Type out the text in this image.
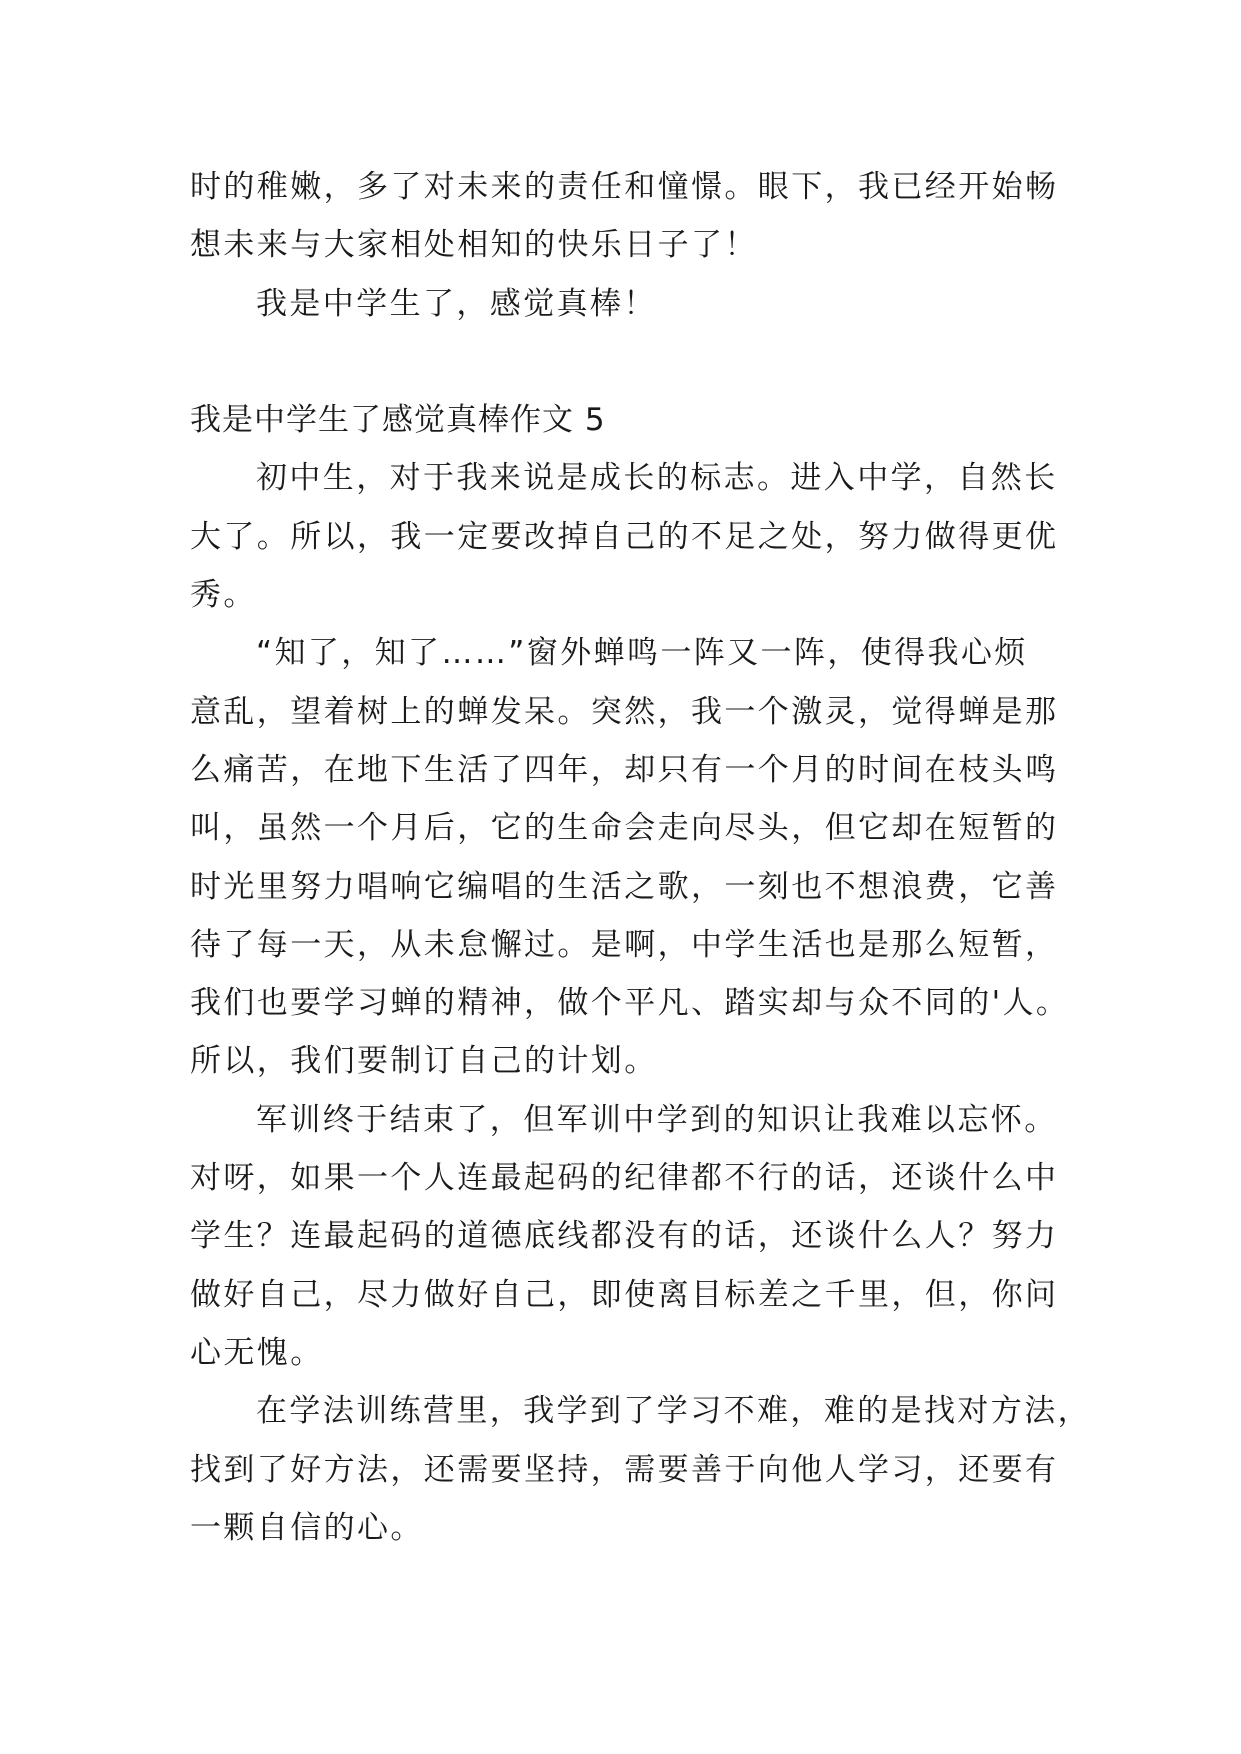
时的稚嫩，多了对未来的责任和憧憬。眼下，我已经开始畅
想未来与大家相处相知的快乐日子了！
我是中学生了，感觉真棒！
我是中学生了感觉真棒作文 5
初中生，对于我来说是成长的标志。进入中学，自然长
大了。所以，我一定要改掉自己的不足之处，努力做得更优
秀。
“知了，知了……”窗外蝉鸣一阵又一阵，使得我心烦
意乱，望着树上的蝉发呆。突然，我一个激灵，觉得蝉是那
么痛苦，在地下生活了四年，却只有一个月的时间在枝头鸣
叫，虽然一个月后，它的生命会走向尽头，但它却在短暂的
时光里努力唱响它编唱的生活之歌，一刻也不想浪费，它善
待了每一天，从未怠懈过。是啊，中学生活也是那么短暂，
我们也要学习蝉的精神，做个平凡、踏实却与众不同的'人。
所以，我们要制订自己的计划。
军训终于结束了，但军训中学到的知识让我难以忘怀。
对呀，如果一个人连最起码的纪律都不行的话，还谈什么中
学生？连最起码的道德底线都没有的话，还谈什么人？努力
做好自己，尽力做好自己，即使离目标差之千里，但，你问
心无愧。
在学法训练营里，我学到了学习不难，难的是找对方法，
找到了好方法，还需要坚持，需要善于向他人学习，还要有
一颗自信的心。
